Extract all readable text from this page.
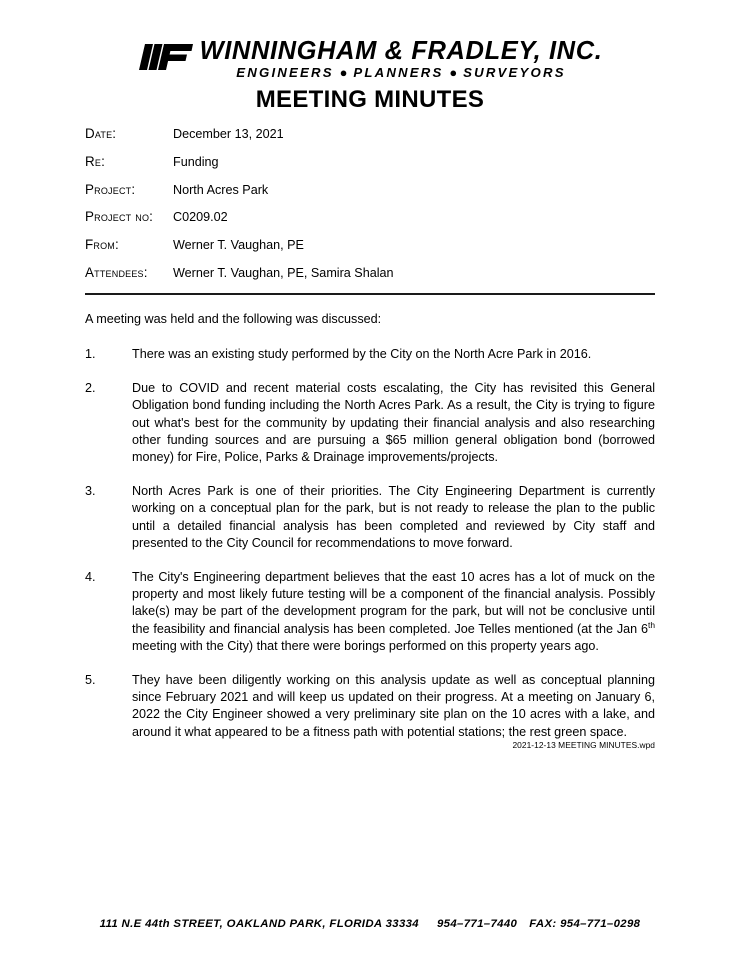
WINNINGHAM & FRADLEY, INC.
ENGINEERS ● PLANNERS ● SURVEYORS
MEETING MINUTES
Date:	December 13, 2021
Re:	Funding
Project:	North Acres Park
Project no:	C0209.02
From:	Werner T. Vaughan, PE
Attendees:	Werner T. Vaughan, PE, Samira Shalan
A meeting was held and the following was discussed:
1.	There was an existing study performed by the City on the North Acre Park in 2016.
2.	Due to COVID and recent material costs escalating, the City has revisited this General Obligation bond funding including the North Acres Park. As a result, the City is trying to figure out what's best for the community by updating their financial analysis and also researching other funding sources and are pursuing a $65 million general obligation bond (borrowed money) for Fire, Police, Parks & Drainage improvements/projects.
3.	North Acres Park is one of their priorities. The City Engineering Department is currently working on a conceptual plan for the park, but is not ready to release the plan to the public until a detailed financial analysis has been completed and reviewed by City staff and presented to the City Council for recommendations to move forward.
4.	The City's Engineering department believes that the east 10 acres has a lot of muck on the property and most likely future testing will be a component of the financial analysis. Possibly lake(s) may be part of the development program for the park, but will not be conclusive until the feasibility and financial analysis has been completed. Joe Telles mentioned (at the Jan 6th meeting with the City) that there were borings performed on this property years ago.
5.	They have been diligently working on this analysis update as well as conceptual planning since February 2021 and will keep us updated on their progress. At a meeting on January 6, 2022 the City Engineer showed a very preliminary site plan on the 10 acres with a lake, and around it what appeared to be a fitness path with potential stations; the rest green space.
2021-12-13 MEETING MINUTES.wpd
111 N.E 44th STREET, OAKLAND PARK, FLORIDA 33334 954–771–7440 FAX: 954–771–0298
